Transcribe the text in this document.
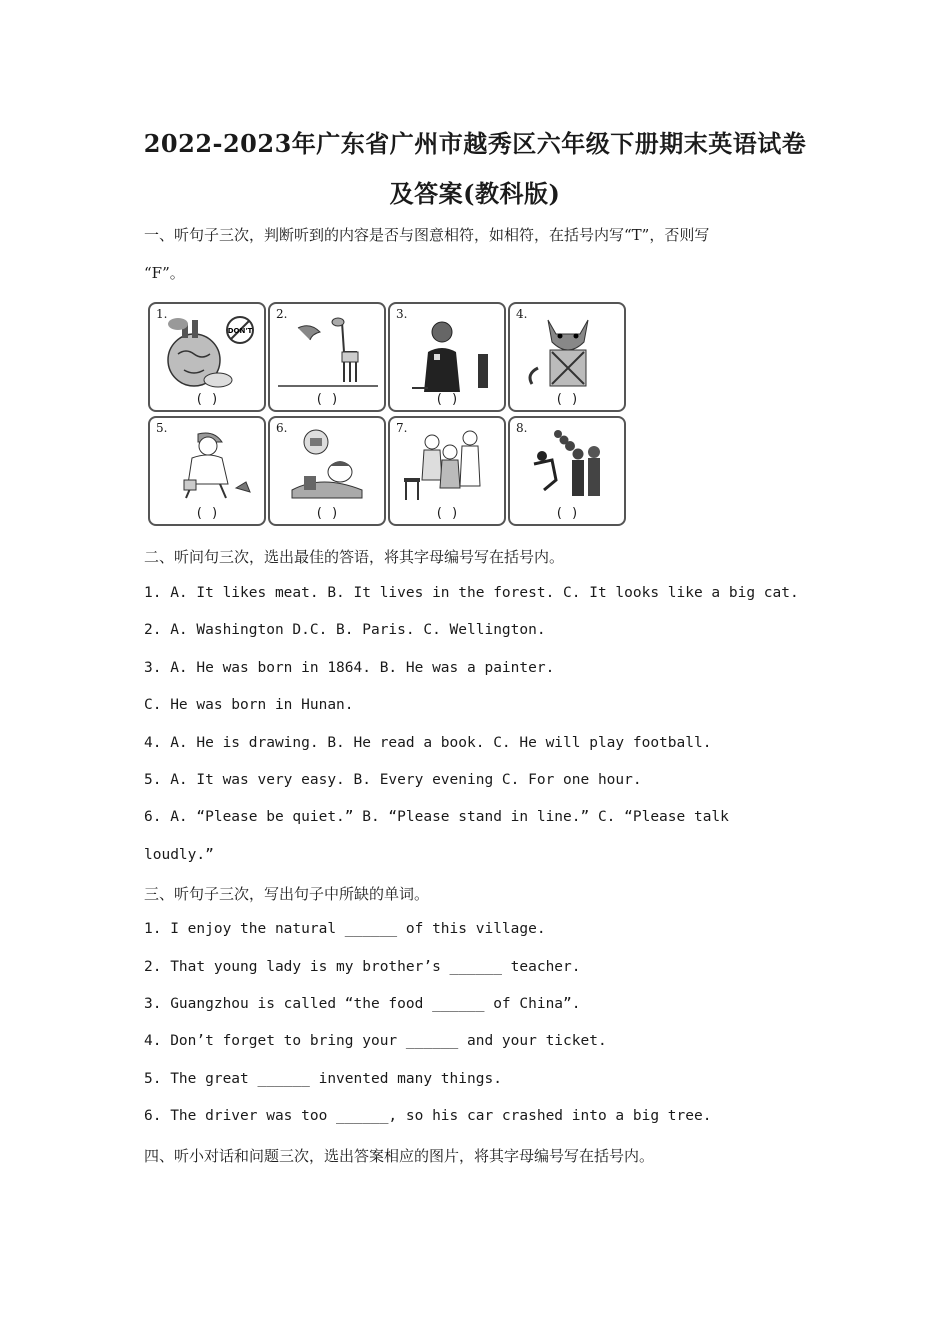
2022-2023年广东省广州市越秀区六年级下册期末英语试卷
及答案(教科版)
一、听句子三次，判断听到的内容是否与图意相符，如相符，在括号内写“T”，否则写
“F”。
1.
DON'T
( )
2.
( )
3.
( )
4.
( )
5.
( )
6.
( )
7.
( )
8.
( )
二、听问句三次，选出最佳的答语，将其字母编号写在括号内。
1. A. It likes meat. B. It lives in the forest. C. It looks like a big cat.
2. A. Washington D.C. B. Paris. C. Wellington.
3. A. He was born in 1864. B. He was a painter.
C. He was born in Hunan.
4. A. He is drawing. B. He read a book. C. He will play football.
5. A. It was very easy. B. Every evening C. For one hour.
6. A. “Please be quiet.” B. “Please stand in line.” C. “Please talk
loudly.”
三、听句子三次，写出句子中所缺的单词。
1. I enjoy the natural ______ of this village.
2. That young lady is my brother’s ______ teacher.
3. Guangzhou is called “the food ______ of China”.
4. Don’t forget to bring your ______ and your ticket.
5. The great ______ invented many things.
6. The driver was too ______, so his car crashed into a big tree.
四、听小对话和问题三次，选出答案相应的图片，将其字母编号写在括号内。
